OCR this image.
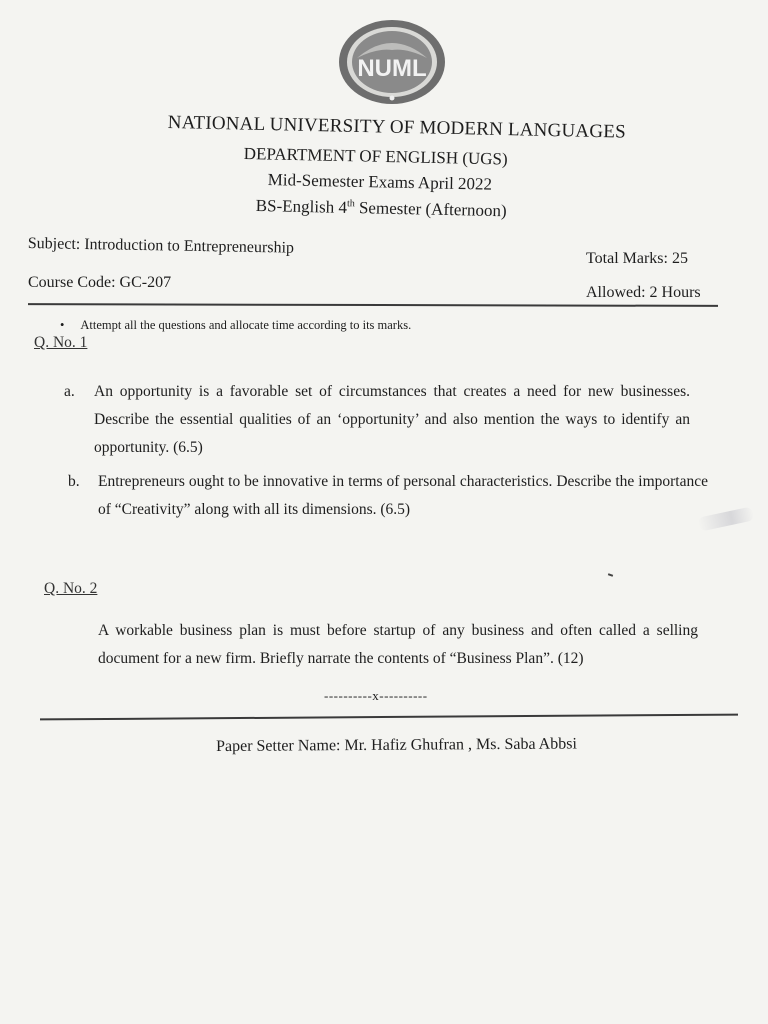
NUML
NATIONAL UNIVERSITY OF MODERN LANGUAGES
DEPARTMENT OF ENGLISH (UGS)
Mid-Semester Exams April 2022
BS-English 4th Semester (Afternoon)
Subject: Introduction to Entrepreneurship
Course Code: GC-207
Total Marks: 25
Allowed: 2 Hours
• Attempt all the questions and allocate time according to its marks.
Q. No. 1
a. An opportunity is a favorable set of circumstances that creates a need for new businesses. Describe the essential qualities of an ‘opportunity’ and also mention the ways to identify an opportunity. (6.5)
b. Entrepreneurs ought to be innovative in terms of personal characteristics. Describe the importance of “Creativity” along with all its dimensions. (6.5)
Q. No. 2
A workable business plan is must before startup of any business and often called a selling document for a new firm. Briefly narrate the contents of “Business Plan”. (12)
----------x----------
Paper Setter Name: Mr. Hafiz Ghufran , Ms. Saba Abbsi
